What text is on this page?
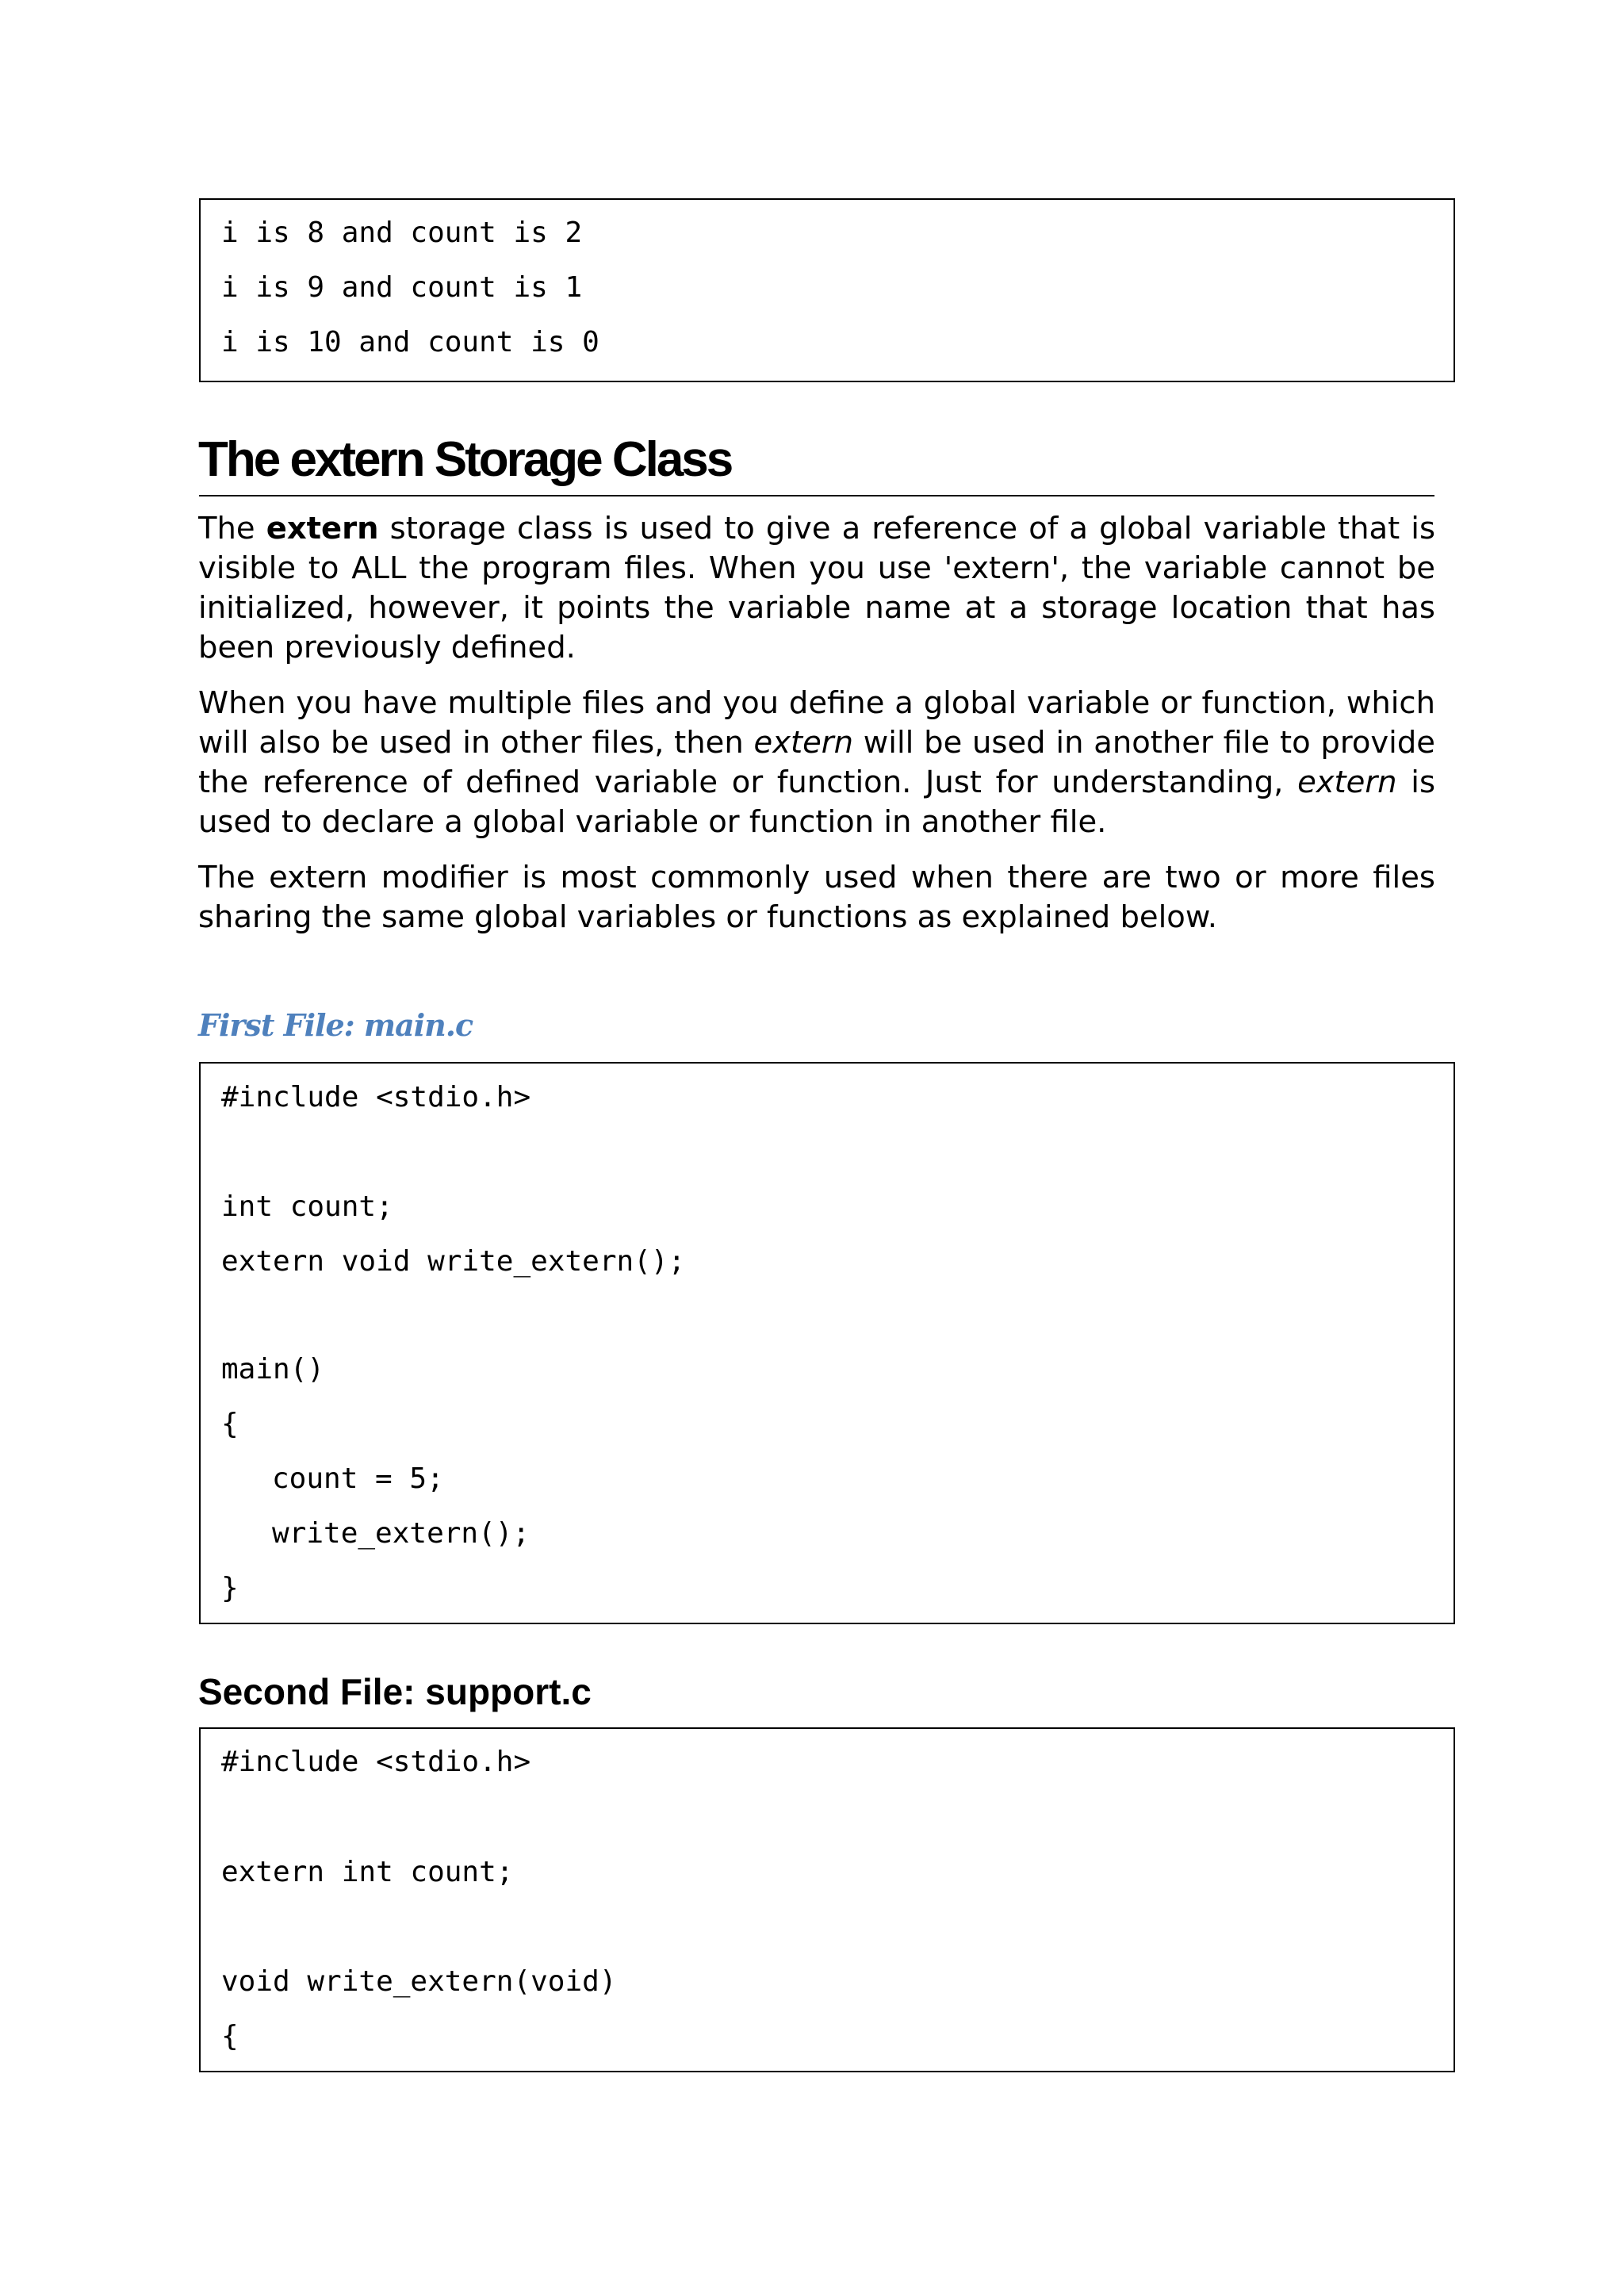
i is 8 and count is 2
i is 9 and count is 1
i is 10 and count is 0
The extern Storage Class
The extern storage class is used to give a reference of a global variable that is visible to ALL the program files. When you use 'extern', the variable cannot be initialized, however, it points the variable name at a storage location that has been previously defined.
When you have multiple files and you define a global variable or function, which will also be used in other files, then extern will be used in another file to provide the reference of defined variable or function. Just for understanding, extern is used to declare a global variable or function in another file.
The extern modifier is most commonly used when there are two or more files sharing the same global variables or functions as explained below.
First File: main.c
#include <stdio.h>
int count;
extern void write_extern();
main()
{
count = 5;
write_extern();
}
Second File: support.c
#include <stdio.h>
extern int count;
void write_extern(void)
{
